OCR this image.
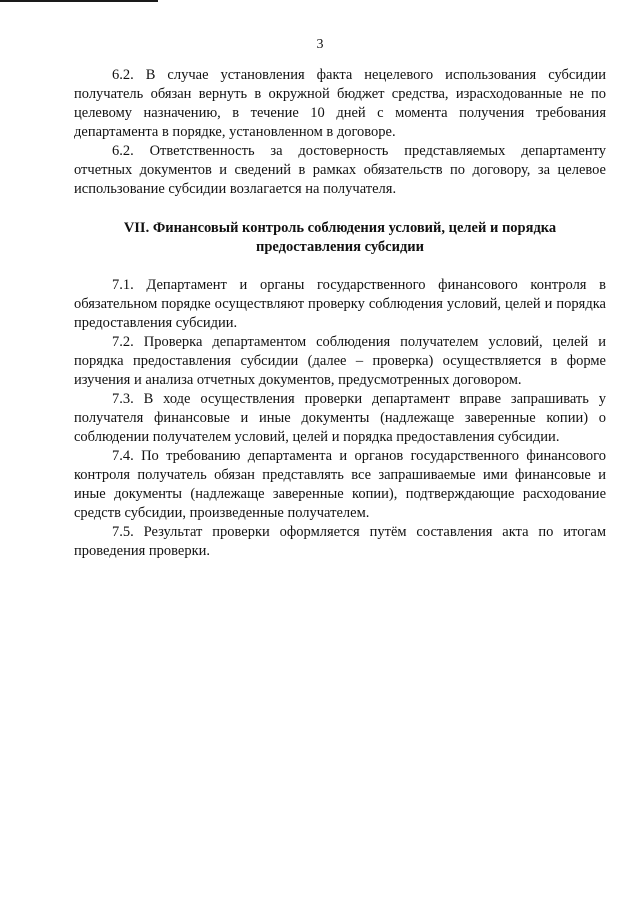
3

6.2. В случае установления факта нецелевого использования субсидии получатель обязан вернуть в окружной бюджет средства, израсходованные не по целевому назначению, в течение 10 дней с момента получения требования департамента в порядке, установленном в договоре.

6.2. Ответственность за достоверность представляемых департаменту отчетных документов и сведений в рамках обязательств по договору, за целевое использование субсидии возлагается на получателя.

VII. Финансовый контроль соблюдения условий, целей и порядка предоставления субсидии

7.1. Департамент и органы государственного финансового контроля в обязательном порядке осуществляют проверку соблюдения условий, целей и порядка предоставления субсидии.

7.2. Проверка департаментом соблюдения получателем условий, целей и порядка предоставления субсидии (далее – проверка) осуществляется в форме изучения и анализа отчетных документов, предусмотренных договором.

7.3. В ходе осуществления проверки департамент вправе запрашивать у получателя финансовые и иные документы (надлежаще заверенные копии) о соблюдении получателем условий, целей и порядка предоставления субсидии.

7.4. По требованию департамента и органов государственного финансового контроля получатель обязан представлять все запрашиваемые ими финансовые и иные документы (надлежаще заверенные копии), подтверждающие расходование средств субсидии, произведенные получателем.

7.5. Результат проверки оформляется путём составления акта по итогам проведения проверки.
